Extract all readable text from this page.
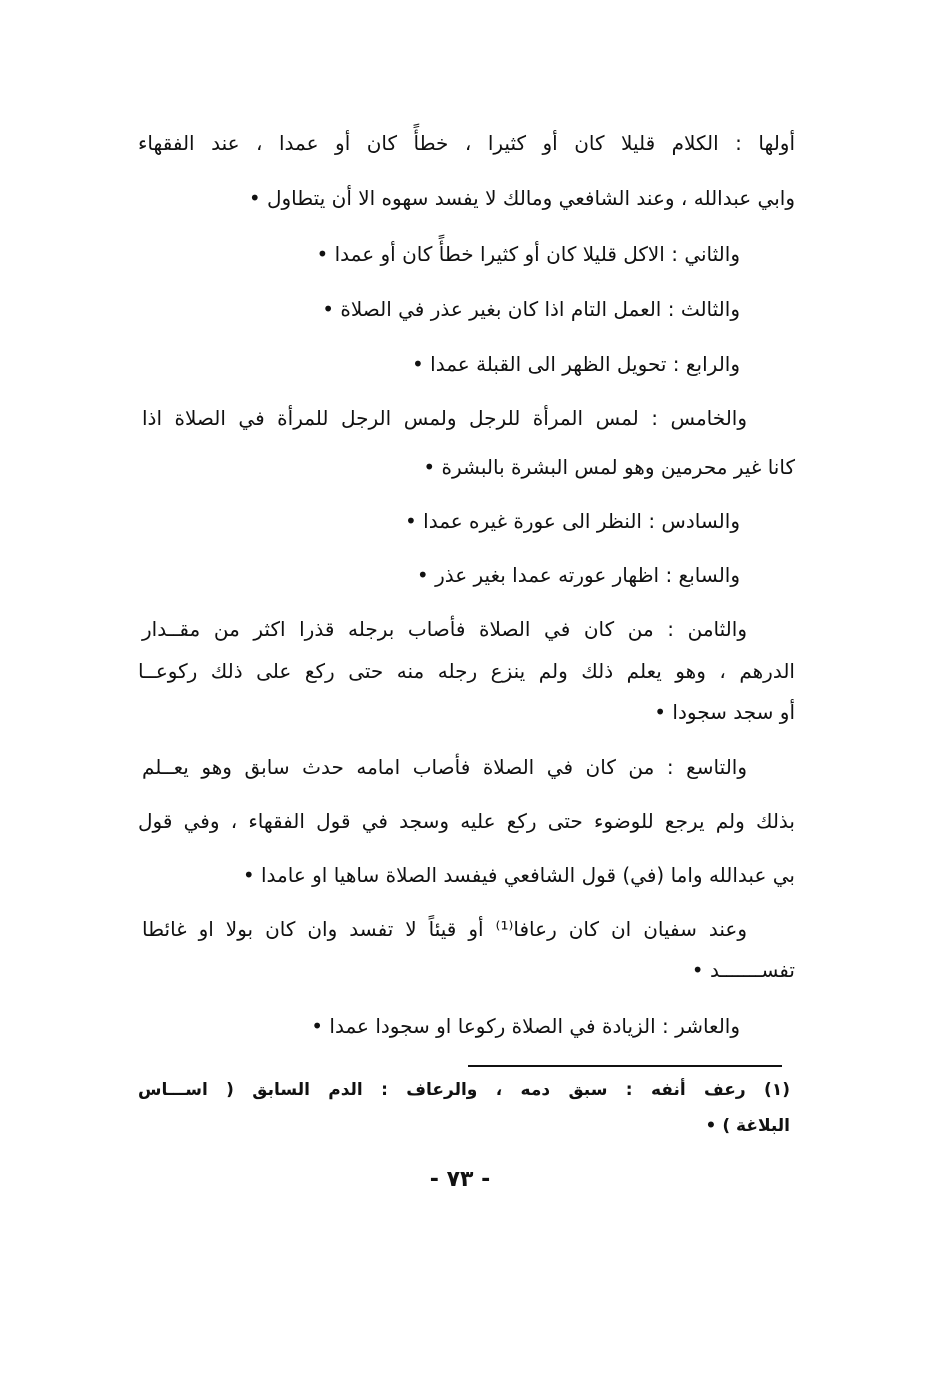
أولها : الكلام قليلا كان أو كثيرا ، خطأً كان أو عمدا ، عند الفقهاء
وابي عبدالله ، وعند الشافعي ومالك لا يفسد سهوه الا أن يتطاول •
والثاني : الاكل قليلا كان أو كثيرا خطأً كان أو عمدا •
والثالث : العمل التام اذا كان بغير عذر في الصلاة •
والرابع : تحويل الظهر الى القبلة عمدا •
والخامس : لمس المرأة للرجل ولمس الرجل للمرأة في الصلاة اذا
كانا غير محرمين وهو لمس البشرة بالبشرة •
والسادس : النظر الى عورة غيره عمدا •
والسابع : اظهار عورته عمدا بغير عذر •
والثامن : من كان في الصلاة فأصاب برجله قذرا اكثر من مقــدار
الدرهم ، وهو يعلم ذلك ولم ينزع رجله منه حتى ركع على ذلك ركوعــا
أو سجد سجودا •
والتاسع : من كان في الصلاة فأصاب امامه حدث سابق وهو يعــلم
بذلك ولم يرجع للوضوء حتى ركع عليه وسجد في قول الفقهاء ، وفي قول
بي عبدالله واما (في) قول الشافعي فيفسد الصلاة ساهيا او عامدا •
وعند سفيان ان كان رعافا⁽¹⁾ أو قيئاً لا تفسد وان كان بولا او غائطا
تفســـــــد •
والعاشر : الزيادة في الصلاة ركوعا او سجودا عمدا •
(١) رعف أنفه : سبق دمه ، والرعاف : الدم السابق ( اســـاس
البلاغة ) •
- ٧٣ -
